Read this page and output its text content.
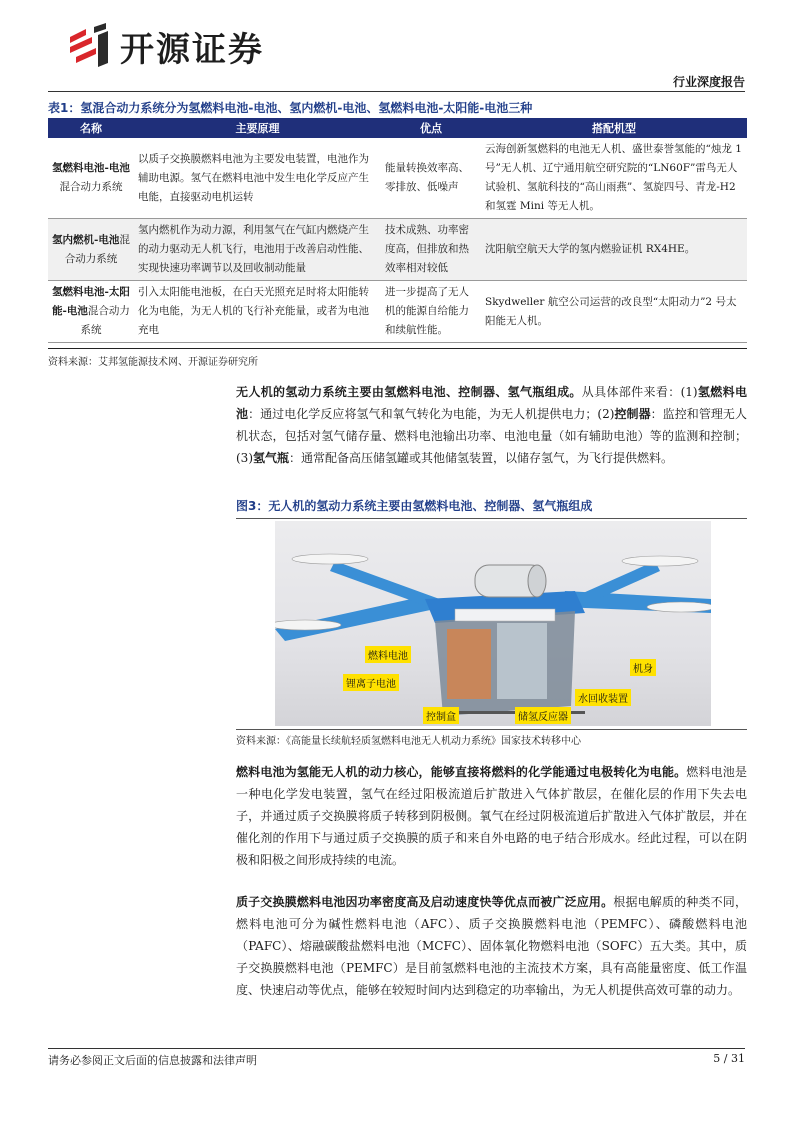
开源证券
行业深度报告
表1：氢混合动力系统分为氢燃料电池-电池、氢内燃机-电池、氢燃料电池-太阳能-电池三种
名称	主要原理	优点	搭配机型
氢燃料电池-电池混合动力系统	以质子交换膜燃料电池为主要发电装置，电池作为辅助电源。氢气在燃料电池中发生电化学反应产生电能，直接驱动电机运转	能量转换效率高、零排放、低噪声	云海创新氢燃料的电池无人机、盛世泰誉氢能的“烛龙 1 号”无人机、辽宁通用航空研究院的“LN60F”雷鸟无人试验机、氢航科技的“高山雨燕”、氢旋四号、青龙-H2 和氢霆 Mini 等无人机。
氢内燃机-电池混合动力系统	氢内燃机作为动力源，利用氢气在气缸内燃烧产生的动力驱动无人机飞行，电池用于改善启动性能、实现快速功率调节以及回收制动能量	技术成熟、功率密度高，但排放和热效率相对较低	沈阳航空航天大学的氢内燃验证机 RX4HE。
氢燃料电池-太阳能-电池混合动力系统	引入太阳能电池板，在白天光照充足时将太阳能转化为电能，为无人机的飞行补充能量，或者为电池充电	进一步提高了无人机的能源自给能力和续航性能。	Skydweller 航空公司运营的改良型“太阳动力”2 号太阳能无人机。
资料来源：艾邦氢能源技术网、开源证券研究所
无人机的氢动力系统主要由氢燃料电池、控制器、氢气瓶组成。从具体部件来看：(1)氢燃料电池：通过电化学反应将氢气和氧气转化为电能，为无人机提供电力；(2)控制器：监控和管理无人机状态，包括对氢气储存量、燃料电池输出功率、电池电量（如有辅助电池）等的监测和控制；(3)氢气瓶：通常配备高压储氢罐或其他储氢装置，以储存氢气，为飞行提供燃料。
图3：无人机的氢动力系统主要由氢燃料电池、控制器、氢气瓶组成
燃料电池
锂离子电池
机身
水回收装置
控制盒	储氢反应器
资料来源：《高能量长续航轻质氢燃料电池无人机动力系统》国家技术转移中心
燃料电池为氢能无人机的动力核心，能够直接将燃料的化学能通过电极转化为电能。燃料电池是一种电化学发电装置，氢气在经过阳极流道后扩散进入气体扩散层，在催化层的作用下失去电子，并通过质子交换膜将质子转移到阴极侧。氧气在经过阴极流道后扩散进入气体扩散层，并在催化剂的作用下与通过质子交换膜的质子和来自外电路的电子结合形成水。经此过程，可以在阴极和阳极之间形成持续的电流。
质子交换膜燃料电池因功率密度高及启动速度快等优点而被广泛应用。根据电解质的种类不同，燃料电池可分为碱性燃料电池（AFC）、质子交换膜燃料电池（PEMFC）、磷酸燃料电池（PAFC）、熔融碳酸盐燃料电池（MCFC）、固体氧化物燃料电池（SOFC）五大类。其中，质子交换膜燃料电池（PEMFC）是目前氢燃料电池的主流技术方案，具有高能量密度、低工作温度、快速启动等优点，能够在较短时间内达到稳定的功率输出，为无人机提供高效可靠的动力。
请务必参阅正文后面的信息披露和法律声明	5 / 31
